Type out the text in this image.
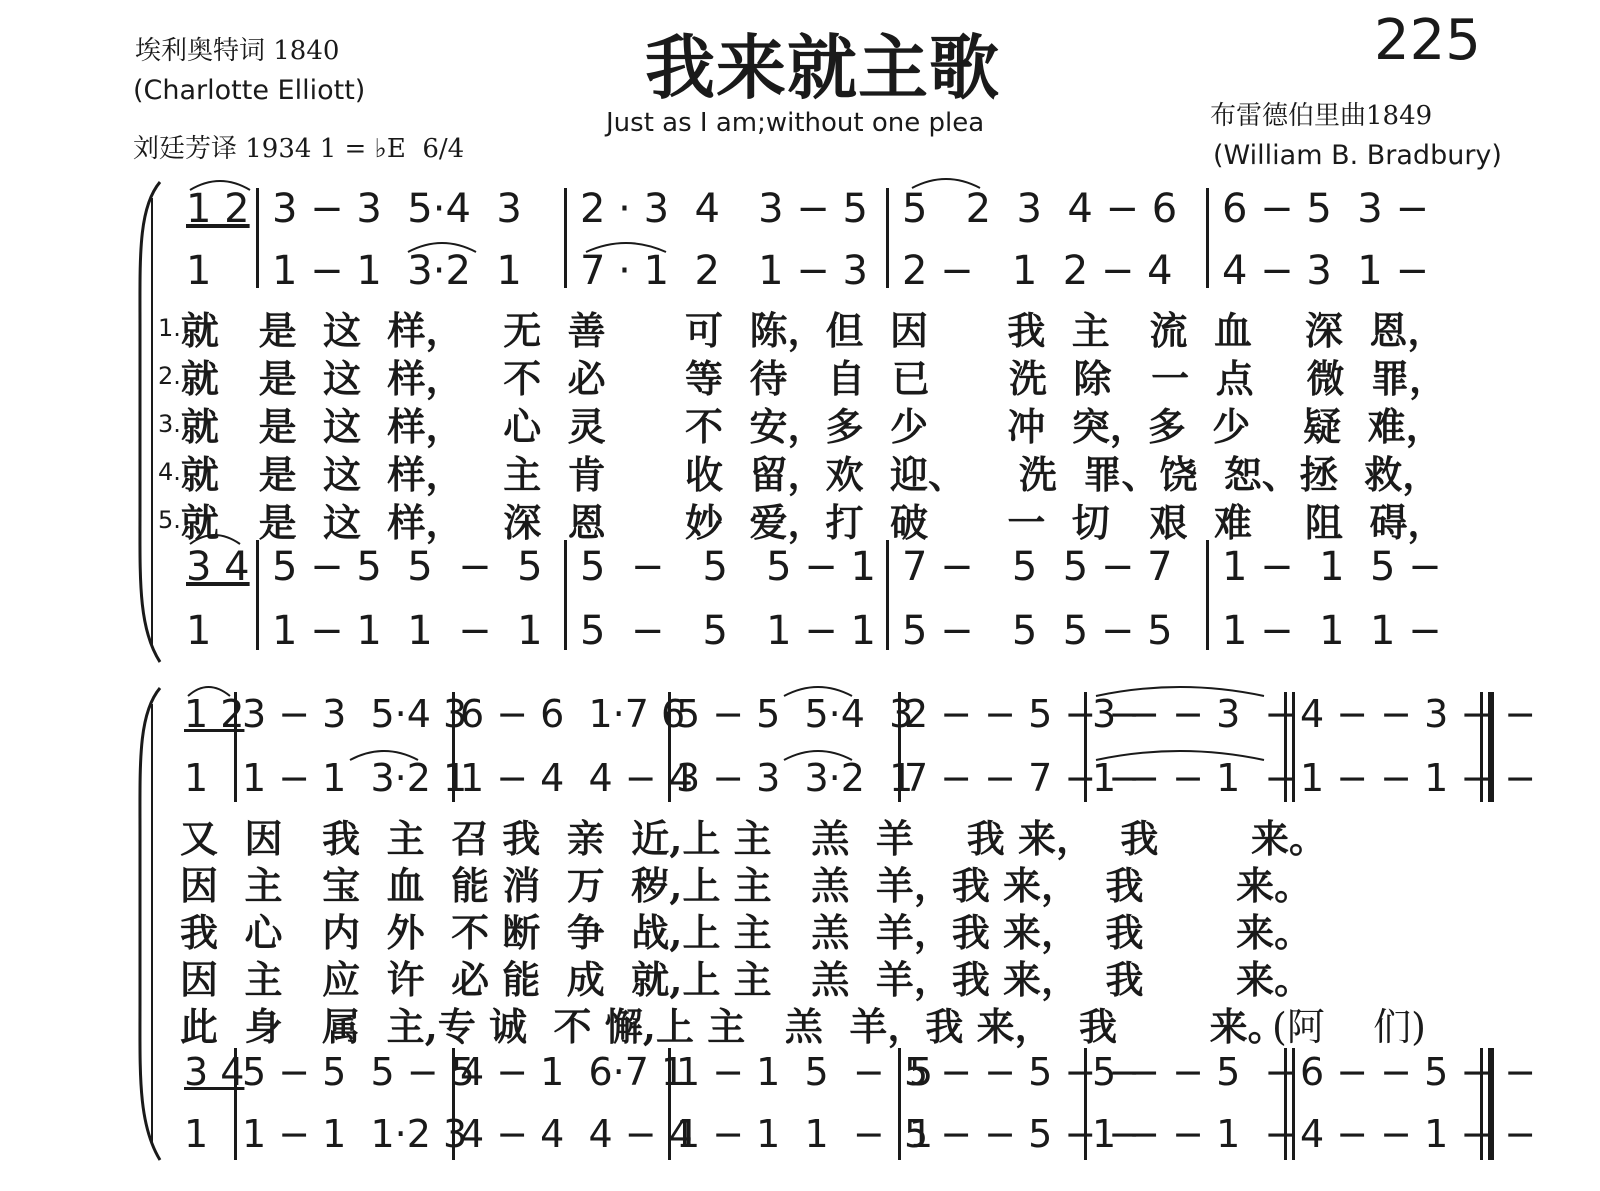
埃利奥特词 1840
(Charlotte Elliott)
刘廷芳译 1934 1 = ♭E  6/4
我来就主歌
Just as I am;without one plea
225
布雷德伯里曲1849
(William B. Bradbury)
1 2 3 − 3  5·4  3 2 · 3  4   3 − 5 5   2  3  4 − 6 6 − 5  3 −
1 1 − 1  3·2  1 7 · 1  2   1 − 3 2 −   1  2 − 4 4 − 3  1 −
$^{1.}$就   是  这  样，   无  善      可  陈，但  因      我  主   流  血    深  恩，
$^{2.}$就   是  这  样，   不  必      等  待   自  已      洗  除   一  点    微  罪，
$^{3.}$就   是  这  样，   心  灵      不  安，多  少      冲  突，多  少    疑  难，
$^{4.}$就   是  这  样，   主  肯      收  留，欢  迎、    洗  罪、饶  恕、拯  救，
$^{5.}$就   是  这  样，   深  恩      妙  爱，打  破      一  切   艰  难    阻  碍，
3 4 5 − 5  5  −  5 5  −   5   5 − 1 7 −   5  5 − 7 1 −  1  5 −
1 1 − 1  1  −  1 5  −   5   1 − 1 5 −   5  5 − 5 1 −  1  1 −
1 2
3 − 3  5·4 3
6 − 6  1·7 6
5 − 5  5·4  3
2 − − 5 − −
3 − − 3  − 4 − − 3 − −
1 1 − 1  3·2 1
1 − 4  4 − 4
3 − 3  3·2  1
7 − − 7 − −
1 − − 1  − 1 − − 1 − −
又  因   我  主  召 我  亲  近,上 主   羔  羊    我 来，  我       来。
因  主   宝  血  能 消  万  秽,上 主   羔  羊，我 来，  我       来。
我  心   内  外  不 断  争  战,上 主   羔  羊，我 来，  我       来。
因  主   应  许  必 能  成  就,上 主   羔  羊，我 来，  我       来。
此  身   属  主,专 诚  不 懈,上 主   羔  羊，我 来，  我       来。
(阿    们)
3 4
5 − 5  5 − 5
4 − 1  6·7 1
1 − 1  5  −  5
5 − − 5 − −
5 − − 5  − 6 − − 5 − −
1 1 − 1  1·2 3
4 − 4  4 − 4
1 − 1  1  −  1
5 − − 5 − −
1 − − 1  − 4 − − 1 − −
